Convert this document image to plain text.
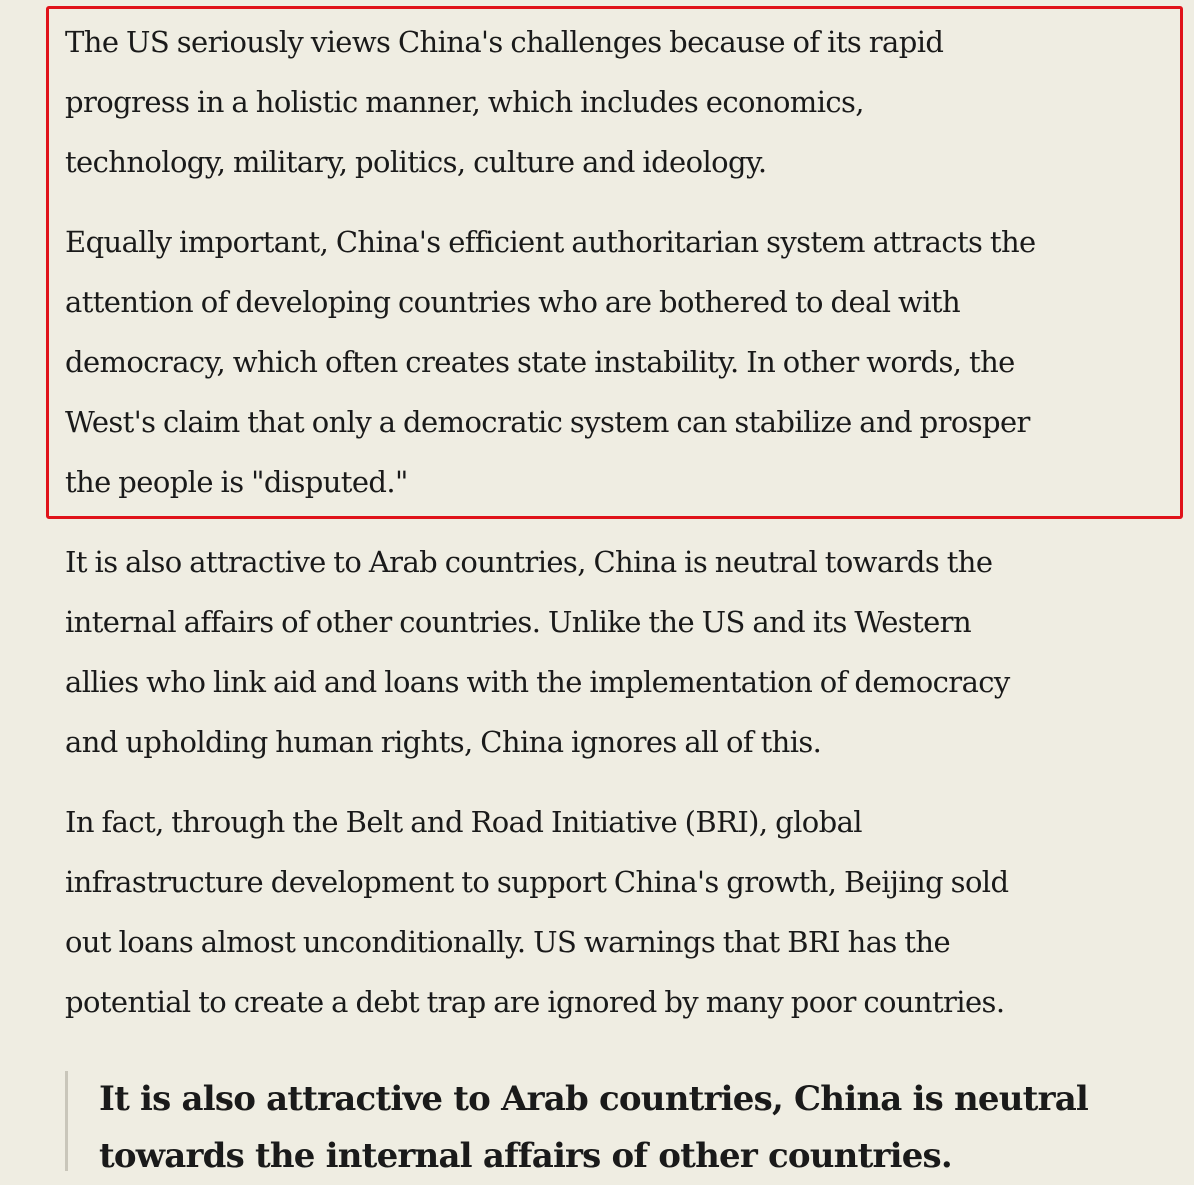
The US seriously views China's challenges because of its rapid
progress in a holistic manner, which includes economics,
technology, military, politics, culture and ideology.

Equally important, China's efficient authoritarian system attracts the
attention of developing countries who are bothered to deal with
democracy, which often creates state instability. In other words, the
West's claim that only a democratic system can stabilize and prosper
the people is "disputed."

It is also attractive to Arab countries, China is neutral towards the
internal affairs of other countries. Unlike the US and its Western
allies who link aid and loans with the implementation of democracy
and upholding human rights, China ignores all of this.

In fact, through the Belt and Road Initiative (BRI), global
infrastructure development to support China's growth, Beijing sold
out loans almost unconditionally. US warnings that BRI has the
potential to create a debt trap are ignored by many poor countries.

It is also attractive to Arab countries, China is neutral
towards the internal affairs of other countries.
